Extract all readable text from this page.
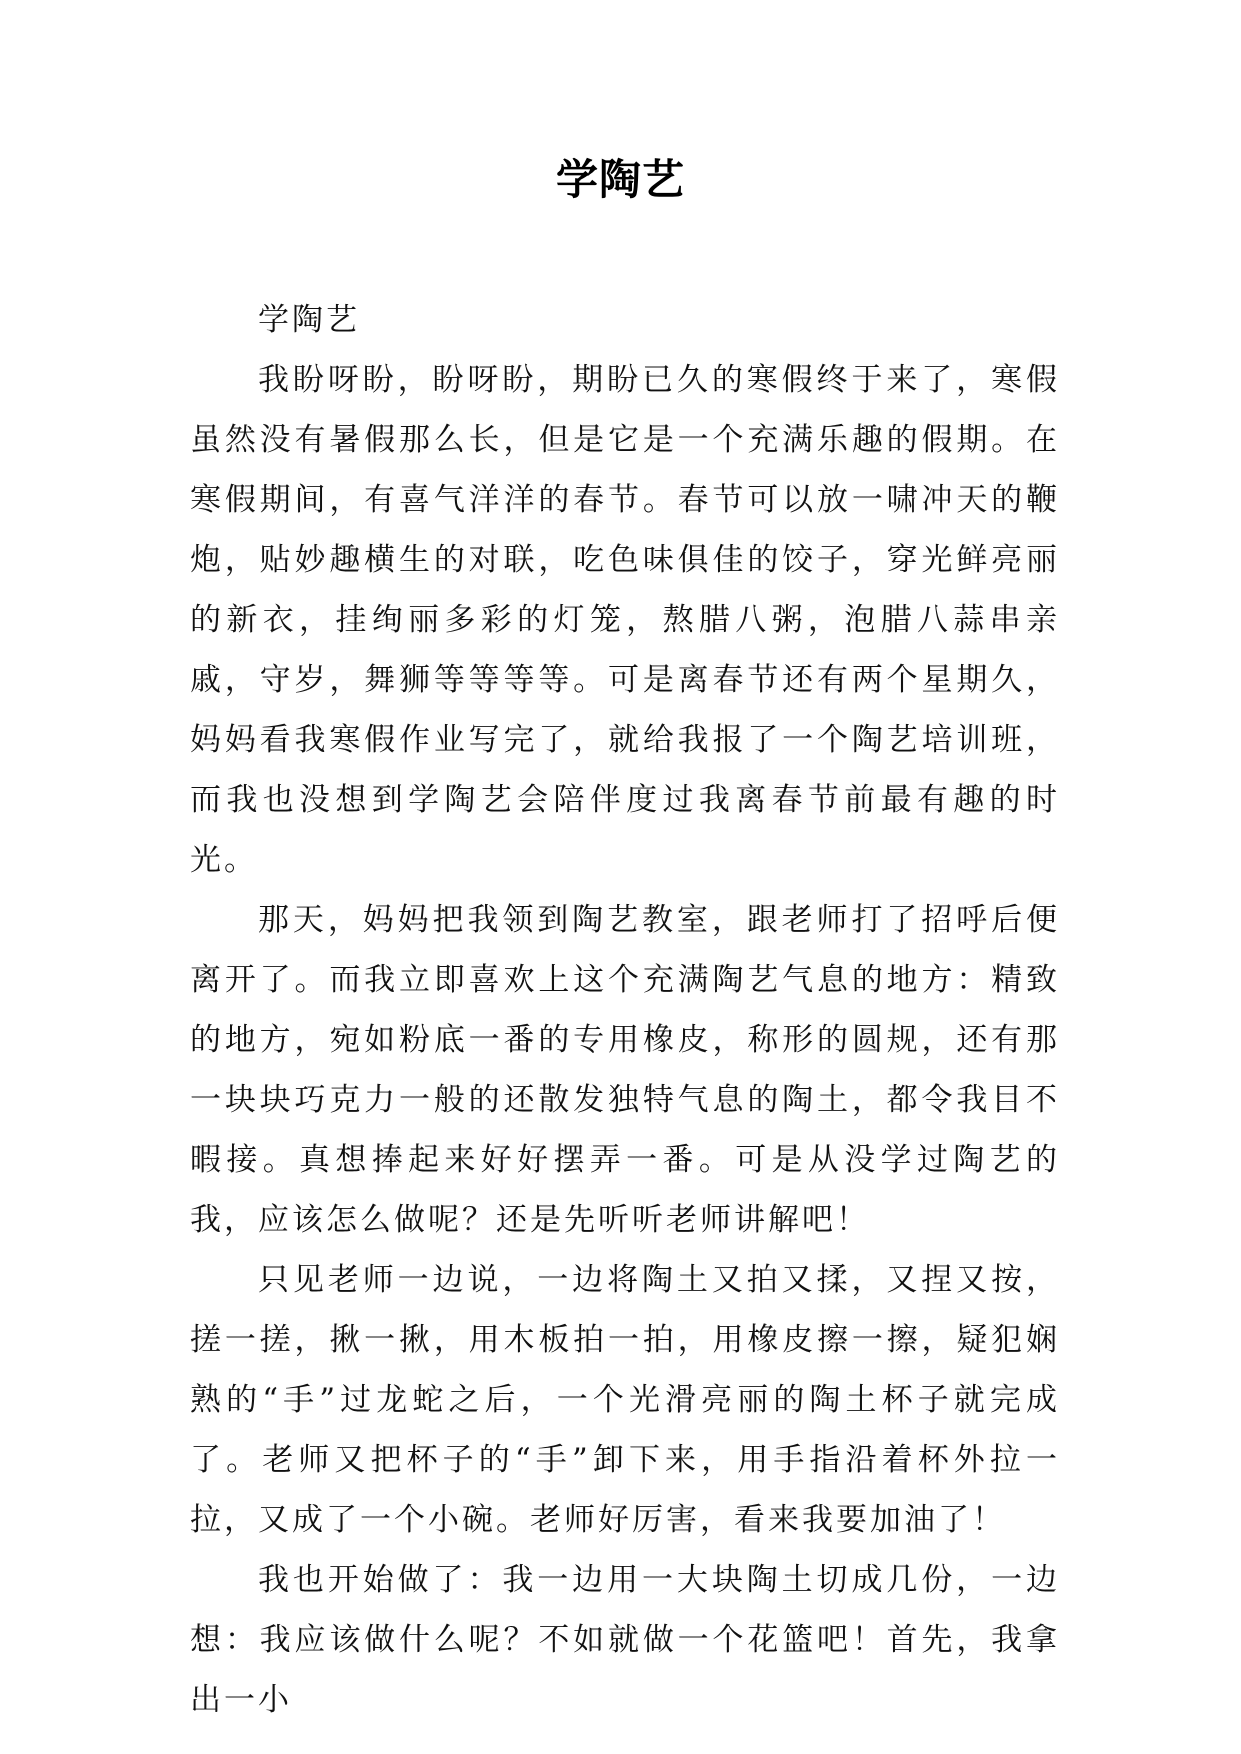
学陶艺

学陶艺

我盼呀盼，盼呀盼，期盼已久的寒假终于来了，寒假虽然没有暑假那么长，但是它是一个充满乐趣的假期。在寒假期间，有喜气洋洋的春节。春节可以放一啸冲天的鞭炮，贴妙趣横生的对联，吃色味俱佳的饺子，穿光鲜亮丽的新衣，挂绚丽多彩的灯笼，熬腊八粥，泡腊八蒜串亲戚，守岁，舞狮等等等等。可是离春节还有两个星期久，妈妈看我寒假作业写完了，就给我报了一个陶艺培训班，而我也没想到学陶艺会陪伴度过我离春节前最有趣的时光。

那天，妈妈把我领到陶艺教室，跟老师打了招呼后便离开了。而我立即喜欢上这个充满陶艺气息的地方：精致的地方，宛如粉底一番的专用橡皮，称形的圆规，还有那一块块巧克力一般的还散发独特气息的陶土，都令我目不暇接。真想捧起来好好摆弄一番。可是从没学过陶艺的我，应该怎么做呢？还是先听听老师讲解吧！

只见老师一边说，一边将陶土又拍又揉，又捏又按，搓一搓，揪一揪，用木板拍一拍，用橡皮擦一擦，疑犯娴熟的“手”过龙蛇之后，一个光滑亮丽的陶土杯子就完成了。老师又把杯子的“手”卸下来，用手指沿着杯外拉一拉，又成了一个小碗。老师好厉害，看来我要加油了！

我也开始做了：我一边用一大块陶土切成几份，一边想：我应该做什么呢？不如就做一个花篮吧！首先，我拿出一小
